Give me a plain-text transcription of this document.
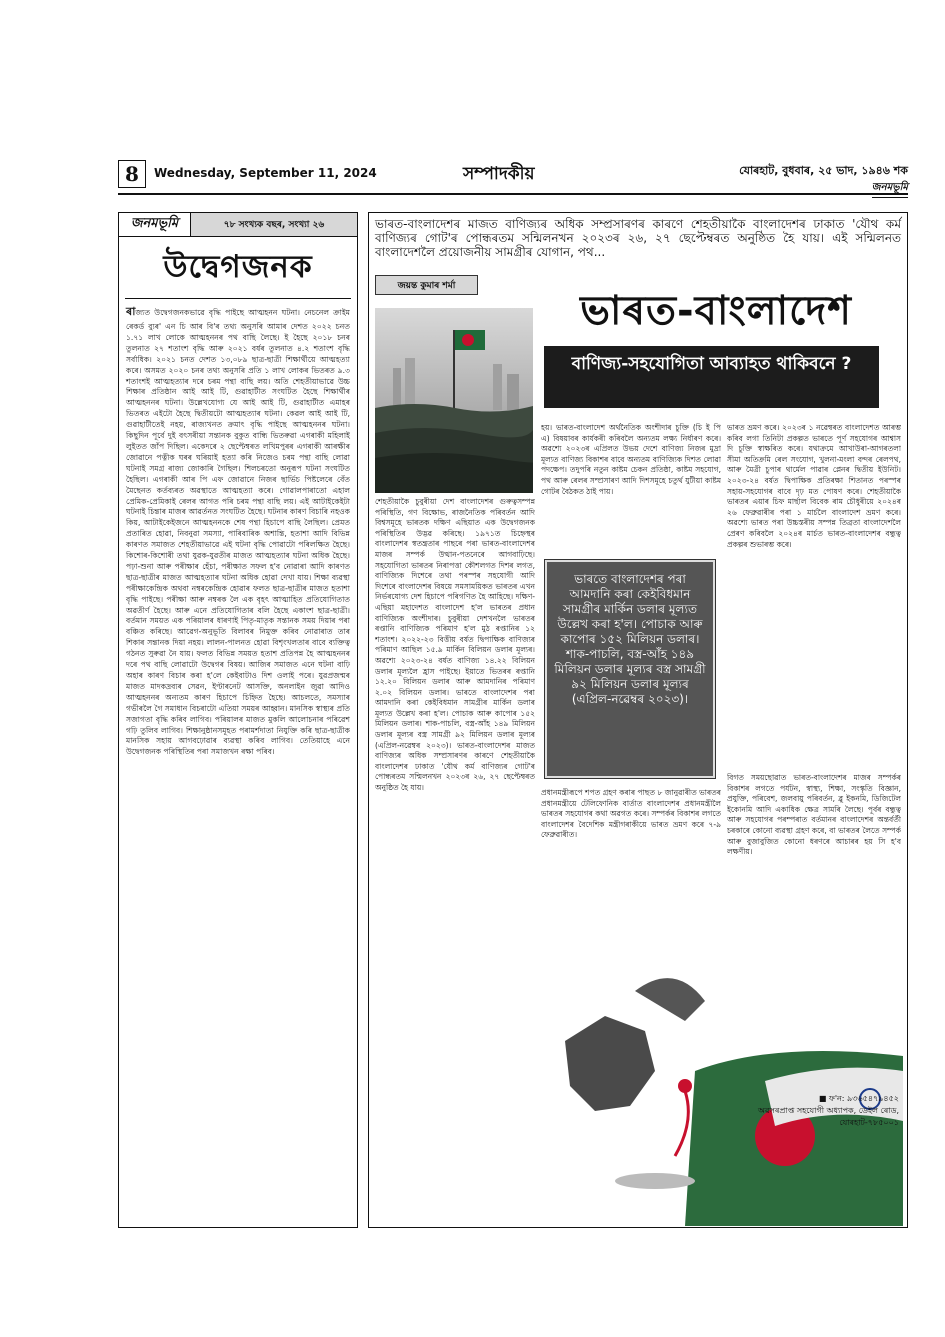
8	Wednesday, September 11, 2024	সম্পাদকীয়	যোৰহাট, বুধবাৰ, ২৫ ভাদ, ১৯৪৬ শক
জনমভূমি
জনমভূমি	৭৮ সংখ্যক বছৰ, সংখ্যা ২৬
উদ্বেগজনক
ৰাজ্যত উদ্বেগজনকভাৱে বৃদ্ধি পাইছে আত্মহনন ঘটনা। নেচনেল ক্ৰাইম ৰেকৰ্ড ব্যুৰ' এন চি আৰ বি'ৰ তথ্য অনুসৰি আমাৰ দেশত ২০২২ চনত ১.৭১ লাখ লোকে আত্মহননৰ পথ বাছি লৈছে। ই হৈছে ২০১৮ চনৰ তুলনাত ২৭ শতাংশ বৃদ্ধি আৰু ২০২১ বৰ্ষৰ তুলনাত ৪.২ শতাংশ বৃদ্ধি সৰ্বাধিক। ২০২১ চনত দেশত ১৩,০৮৯ ছাত্ৰ-ছাত্ৰী শিক্ষাৰ্থীয়ে আত্মহত্যা কৰে। অসমত ২০২০ চনৰ তথ্য অনুসৰি প্ৰতি ১ লাখ লোকৰ ভিতৰত ৯.৩ শতাংশই আত্মহত্যাৰ দৰে চৰম পন্থা বাছি লয়। অতি শেহতীয়াভাৱে উচ্চ শিক্ষাৰ প্ৰতিষ্ঠান আই আই টি, গুৱাহাটীত সংঘটিত হৈছে শিক্ষাৰ্থীৰ আত্মহননৰ ঘটনা। উল্লেখযোগ্য যে আই আই টি, গুৱাহাটীত এমাহৰ ভিতৰত এইটো হৈছে দ্বিতীয়টো আত্মহত্যাৰ ঘটনা। কেৱল আই আই টি, গুৱাহাটীতেই নহয়, ৰাজ্যখনত ক্ৰমাৎ বৃদ্ধি পাইছে আত্মহননৰ ঘটনা। কিছুদিন পূৰ্বে দুই বৎসৰীয়া সন্তানক বুকুত বান্ধি ভিতৰুৱা এগৰাকী মহিলাই লুইতত জাঁপ দিছিল। একেদৰে ২ ছেপ্টেম্বৰত লখিমপুৰৰ এগৰাকী আৰক্ষীৰ জোৱানে পত্নীক ঘৰৰ ঘৰিয়াই হত্যা কৰি নিজেও চৰম পন্থা বাছি লোৱা ঘটনাই সমগ্ৰ ৰাজ্য জোকাৰি গৈছিল। শিলচৰতো অনুৰূপ ঘটনা সংঘটিত হৈছিল। এগৰাকী আৰ পি এফ জোৱানে নিজৰ ছাৰ্ভিচ পিষ্টলেৰে বেঁত মৈছেনত কৰ্তব্যৰত অৱস্থাতে আত্মহত্যা কৰে। গোৱালপাৰাতো এহাল প্ৰেমিক-প্ৰেমিকাই ৰেলৰ আগত পৰি চৰম পন্থা বাছি লয়। এই আটাইকেইটা ঘটনাই চিন্তাৰ মাজৰ আৱৰ্তনত সংঘটিত হৈছে। ঘটনাৰ কাৰণ বিচাৰি নহওক কিয়, আটাইকেইজনে আত্মহননকে শেষ পন্থা হিচাপে বাছি লৈছিল। প্ৰেমত প্ৰতাৰিত হোৱা, নিবনুৱা সমস্যা, পাৰিবাৰিক অশান্তি, হতাশা আদি বিভিন্ন কাৰণত সমাজত শেহতীয়াভাৱে এই ঘটনা বৃদ্ধি পোৱাটো পৰিলক্ষিত হৈছে। কিশোৰ-কিশোৰী তথা যুৱক-যুৱতীৰ মাজত আত্মহত্যাৰ ঘটনা অধিক হৈছে। পঢ়া-শুনা আৰু পৰীক্ষাৰ হেঁচা, পৰীক্ষাত সফল হ'ব নোৱাৰা আদি কাৰণত ছাত্ৰ-ছাত্ৰীৰ মাজত আত্মহত্যাৰ ঘটনা অধিক হোৱা দেখা যায়। শিক্ষা ব্যৱস্থা পৰীক্ষাকেন্দ্ৰিক অথবা নম্বৰকেন্দ্ৰিক হোৱাৰ ফলত ছাত্ৰ-ছাত্ৰীৰ মাজত হতাশা বৃদ্ধি পাইছে। পৰীক্ষা আৰু নম্বৰক লৈ এক বৃহৎ আত্মাহিত প্ৰতিযোগিতাত অৱতীৰ্ণ হৈছে। আৰু এনে প্ৰতিযোগিতাৰ বলি হৈছে একাংশ ছাত্ৰ-ছাত্ৰী। বৰ্তমান সময়ত এক পৰিয়ালৰ ধাৰণাই পিতৃ-মাতৃক সন্তানক সময় দিয়াৰ পৰা বঞ্চিত কৰিছে। আৱেগ-অনুভূতি বিলাবৰ নিমুক্ত কৰিব নোৱাৰাত তাৰ শিকাৰ সন্তানক দিয়া নহয়। লালন-পালনত হোৱা বিশৃংখলতাৰ বাবে ব্যক্তিত্ব গঠনত সুৰুৱা নৈ যায়। ফলত বিভিন্ন সময়ত হতাশ প্ৰতিপন্ন হৈ আত্মহননৰ দৰে পথ বাছি লোৱাটো উদ্বেগৰ বিষয়। আজিৰ সমাজত এনে ঘটনা বাঢ়ি অহাৰ কাৰণ বিচাৰ কৰা হ'লে কেইবাটাও দিশ ওলাই পৰে। যুৱপ্ৰজন্মৰ মাজত মাদকদ্ৰব্যৰ সেৱন, ইণ্টাৰনেট আসক্তি, অনলাইন জুৱা আদিও আত্মহননৰ অন্যতম কাৰণ হিচাপে চিহ্নিত হৈছে। আচলতে, সমস্যাৰ গভীৰলৈ গৈ সমাধান বিচৰাটো এতিয়া সময়ৰ আহ্বান। মানসিক স্বাস্থ্যৰ প্ৰতি সজাগতা বৃদ্ধি কৰিব লাগিব। পৰিয়ালৰ মাজত মুকলি আলোচনাৰ পৰিৱেশ গঢ়ি তুলিব লাগিব। শিক্ষানুষ্ঠানসমূহত পৰামৰ্শদাতা নিযুক্তি কৰি ছাত্ৰ-ছাত্ৰীক মানসিক সহায় আগবঢ়োৱাৰ ব্যৱস্থা কৰিব লাগিব। তেতিয়াহে এনে উদ্বেগজনক পৰিস্থিতিৰ পৰা সমাজখন ৰক্ষা পৰিব।
ভাৰত-বাংলাদেশৰ মাজত বাণিজ্যৰ অধিক সম্প্ৰসাৰণৰ কাৰণে শেহতীয়াকৈ বাংলাদেশৰ ঢাকাত 'যৌথ কৰ্ম বাণিজ্যৰ গোট'ৰ পোন্ধৰতম সন্মিলনখন ২০২৩ৰ ২৬, ২৭ ছেপ্টেম্বৰত অনুষ্ঠিত হৈ যায়। এই সন্মিলনত বাংলাদেশলৈ প্ৰয়োজনীয় সামগ্ৰীৰ যোগান, পথ...
জয়ন্ত কুমাৰ শৰ্মা
ভাৰত-বাংলাদেশ
বাণিজ্য-সহযোগিতা আব্যাহত থাকিবনে ?
শেহতীয়াকৈ চুবুৰীয়া দেশ বাংলাদেশৰ গুৰুত্বসম্পন্ন পৰিস্থিতি, গণ বিক্ষোভ, ৰাজনৈতিক পৰিবৰ্তন আদি বিশ্বসমূহে ভাৰতক দক্ষিণ এছিয়াত এক উদ্বেগজনক পৰিস্থিতিৰ উদ্ভৱ কৰিছে। ১৯৭১ত চিহ্নেস্থৰ বাংলাদেশৰ স্বতন্ত্ৰতাৰ পাছৰে পৰা ভাৰত-বাংলাদেশৰ মাজৰ সম্পৰ্ক উত্থান-পতনেৰে আগবাঢ়িছে। সহযোগিতা ভাৰতৰ নিৰাপত্তা কৌশলগত দিশৰ লগত, বাণিজ্যিক দিশেৰে তথা পৰস্পৰ সহযোগী আদি দিশেৰে বাংলাদেশৰ বিষয়ে সমসাময়িকত ভাৰতৰ এখন নিৰ্ভৰযোগ্য দেশ হিচাপে পৰিগণিত হৈ আহিছে। দক্ষিণ-এছিয়া মহাদেশত বাংলাদেশ হ'ল ভাৰতৰ প্ৰধান বাণিজ্যিক অংশীদাৰ। চুবুৰীয়া দেশখনলৈ ভাৰতৰ ৰপ্তানি বাণিজ্যিক পৰিমাণ হ'ল মুঠ ৰপ্তানিৰ ১২ শতাংশ। ২০২২-২৩ বিত্তীয় বৰ্ষত দ্বিপাক্ষিক বাণিজ্যৰ পৰিমাণ আছিল ১৫.৯ মাৰ্কিন বিলিয়ন ডলাৰ মূল্যৰ। অৱশ্যে ২০২৩-২৪ বৰ্ষত বাণিজ্য ১৪.২২ বিলিয়ন ডলাৰ মূল্যলৈ হ্ৰাস পাইছে। ইয়াতে ভিতৰৰ ৰপ্তানি ১২.২০ বিলিয়ন ডলাৰ আৰু আমদানিৰ পৰিমাণ ২.০২ বিলিয়ন ডলাৰ। ভাৰতে বাংলাদেশৰ পৰা আমদানি কৰা কেইবিধমান সামগ্ৰীৰ মাৰ্কিন ডলাৰ মূল্যত উল্লেখ কৰা হ'ল। পোচাক আৰু কাপোৰ ১৫২ মিলিয়ন ডলাৰ। শাক-পাচলি, বস্ত্ৰ-আঁহ ১৪৯ মিলিয়ন ডলাৰ মূল্যৰ বস্ত্ৰ সামগ্ৰী ৯২ মিলিয়ন ডলাৰ মূল্যৰ (এপ্ৰিল-নৱেম্বৰ ২০২৩)। ভাৰত-বাংলাদেশৰ মাজত বাণিজ্যৰ অধিক সম্প্ৰসাৰণৰ কাৰণে শেহতীয়াকৈ বাংলাদেশৰ ঢাকাত 'যৌথ কৰ্ম বাণিজ্যৰ গোট'ৰ পোন্ধৰতম সন্মিলনখন ২০২৩ৰ ২৬, ২৭ ছেপ্টেম্বৰত অনুষ্ঠিত হৈ যায়।
হয়। ভাৰত-বাংলাদেশ অৰ্থনৈতিক অংশীদাৰ চুক্তি (চি ই পি এ) বিষয়াবৰ কাৰ্যকৰী কৰিবলৈ অন্যতম লক্ষ্য নিৰ্ধাৰণ কৰে। অৱশ্যে ২০২৩ৰ এপ্ৰিলত উভয় দেশে বাণিজ্য নিজৰ মুদ্ৰা মূল্যত বাণিজ্য বিকাশৰ বাবে অন্যতম বাণিজ্যিক দিশত লোৱা পদক্ষেপ। তদুপৰি নতুন কাষ্টম চেকন প্ৰতিষ্ঠা, কাষ্টম সহযোগ, পথ আৰু ৰেলৰ সম্প্ৰসাৰণ আদি দিশসমূহে চতুৰ্থ যুটীয়া কাষ্টম গোটৰ বৈঠকত ঠাই পায়।
ভাৰতে বাংলাদেশৰ পৰা আমদানি কৰা কেইবিধমান সামগ্ৰীৰ মাৰ্কিন ডলাৰ মূল্যত উল্লেখ কৰা হ'ল। পোচাক আৰু কাপোৰ ১৫২ মিলিয়ন ডলাৰ। শাক-পাচলি, বস্ত্ৰ-আঁহ ১৪৯ মিলিয়ন ডলাৰ মূল্যৰ বস্ত্ৰ সামগ্ৰী ৯২ মিলিয়ন ডলাৰ মূল্যৰ (এপ্ৰিল-নৱেম্বৰ ২০২৩)।
প্ৰধানমন্ত্ৰীৰূপে শপত গ্ৰহণ কৰাৰ পাছত ৮ জানুৱাৰীত ভাৰতৰ প্ৰধানমন্ত্ৰীয়ে টেলিফোনিক বাৰ্তাত বাংলাদেশৰ প্ৰধানমন্ত্ৰীলৈ ভাৰতৰ সহযোগৰ কথা অৱগত কৰে। সম্পৰ্কৰ বিকাশৰ লগতে বাংলাদেশৰ বৈদেশিক মন্ত্ৰীগৰাকীয়ে ভাৰত ভ্ৰমণ কৰে ৭-৯ ফেব্ৰুৱাৰীত।
ভাৰত ভ্ৰমণ কৰে। ২০২৩ৰ ১ নৱেম্বৰত বাংলাদেশত আৰম্ভ কৰিব লগা তিনিটা প্ৰকল্পত ভাৰতে পূৰ্ণ সহযোগৰ আশ্বাস দি চুক্তি স্বাক্ষৰিত কৰে। যথাক্ৰমে আখাউৰা-আগৰতলা সীমা অতিক্ৰমি ৰেল সংযোগ, খুলনা-মংলা বন্দৰ ৰেলপথ, আৰু মৈত্ৰী চুপাৰ থাৰ্মেল পাৱাৰ প্লেনৰ দ্বিতীয় ইউনিট। ২০২৩-২৪ বৰ্ষত দ্বিপাক্ষিক প্ৰতিৰক্ষা শিতানত পৰস্পৰ সহায়-সহযোগৰ বাবে দৃঢ় মত পোষণ কৰে। শেহতীয়াকৈ ভাৰতৰ এয়াৰ চিফ মাৰ্ছাল বিবেক ৰাম চৌধুৰীয়ে ২০২৪ৰ ২৬ ফেব্ৰুৱাৰীৰ পৰা ১ মাৰ্চলৈ বাংলাদেশ ভ্ৰমণ কৰে। অৱশ্যে ভাৰত পৰা উচ্চস্তৰীয় সম্পন্ন তিব্ৰতা বাংলাদেশলৈ প্ৰেৰণ কৰিবলৈ ২০২৪ৰ মাৰ্চত ভাৰত-বাংলাদেশৰ বন্ধুত্ব প্ৰকল্পৰ শুভাৰম্ভ কৰে।
বিগত সময়ছোৱাত ভাৰত-বাংলাদেশৰ মাজৰ সম্পৰ্কৰ বিকাশৰ লগতে পৰ্যটন, স্বাস্থ্য, শিক্ষা, সংস্কৃতি বিজ্ঞান, প্ৰযুক্তি, পৰিবেশ, জলবায়ু পৰিবৰ্তন, ব্লু ইকনমি, ডিজিটেল ইকোনমি আদি একাধিক ক্ষেত্ৰ সামৰি লৈছে। পূৰ্বৰ বন্ধুত্ব আৰু সহযোগৰ পৰম্পৰাত বৰ্তমানৰ বাংলাদেশৰ অন্তৰ্বৰ্তী চৰকাৰে কোনো ব্যৱস্থা গ্ৰহণ কৰে, বা ভাৰতৰ লৈতে সম্পৰ্ক আৰু বুজাবুজিত কোনো ধৰণৰে আচাৰৰ হয় সি হ'ব লক্ষণীয়।
■ ফ'ন: ৯৩৬৫৪৭৯৪৫২
অৱসৰপ্ৰাপ্ত সহযোগী অধ্যাপক, ডেইল ৰোড, যোৰহাট-৭৮৫০০১
